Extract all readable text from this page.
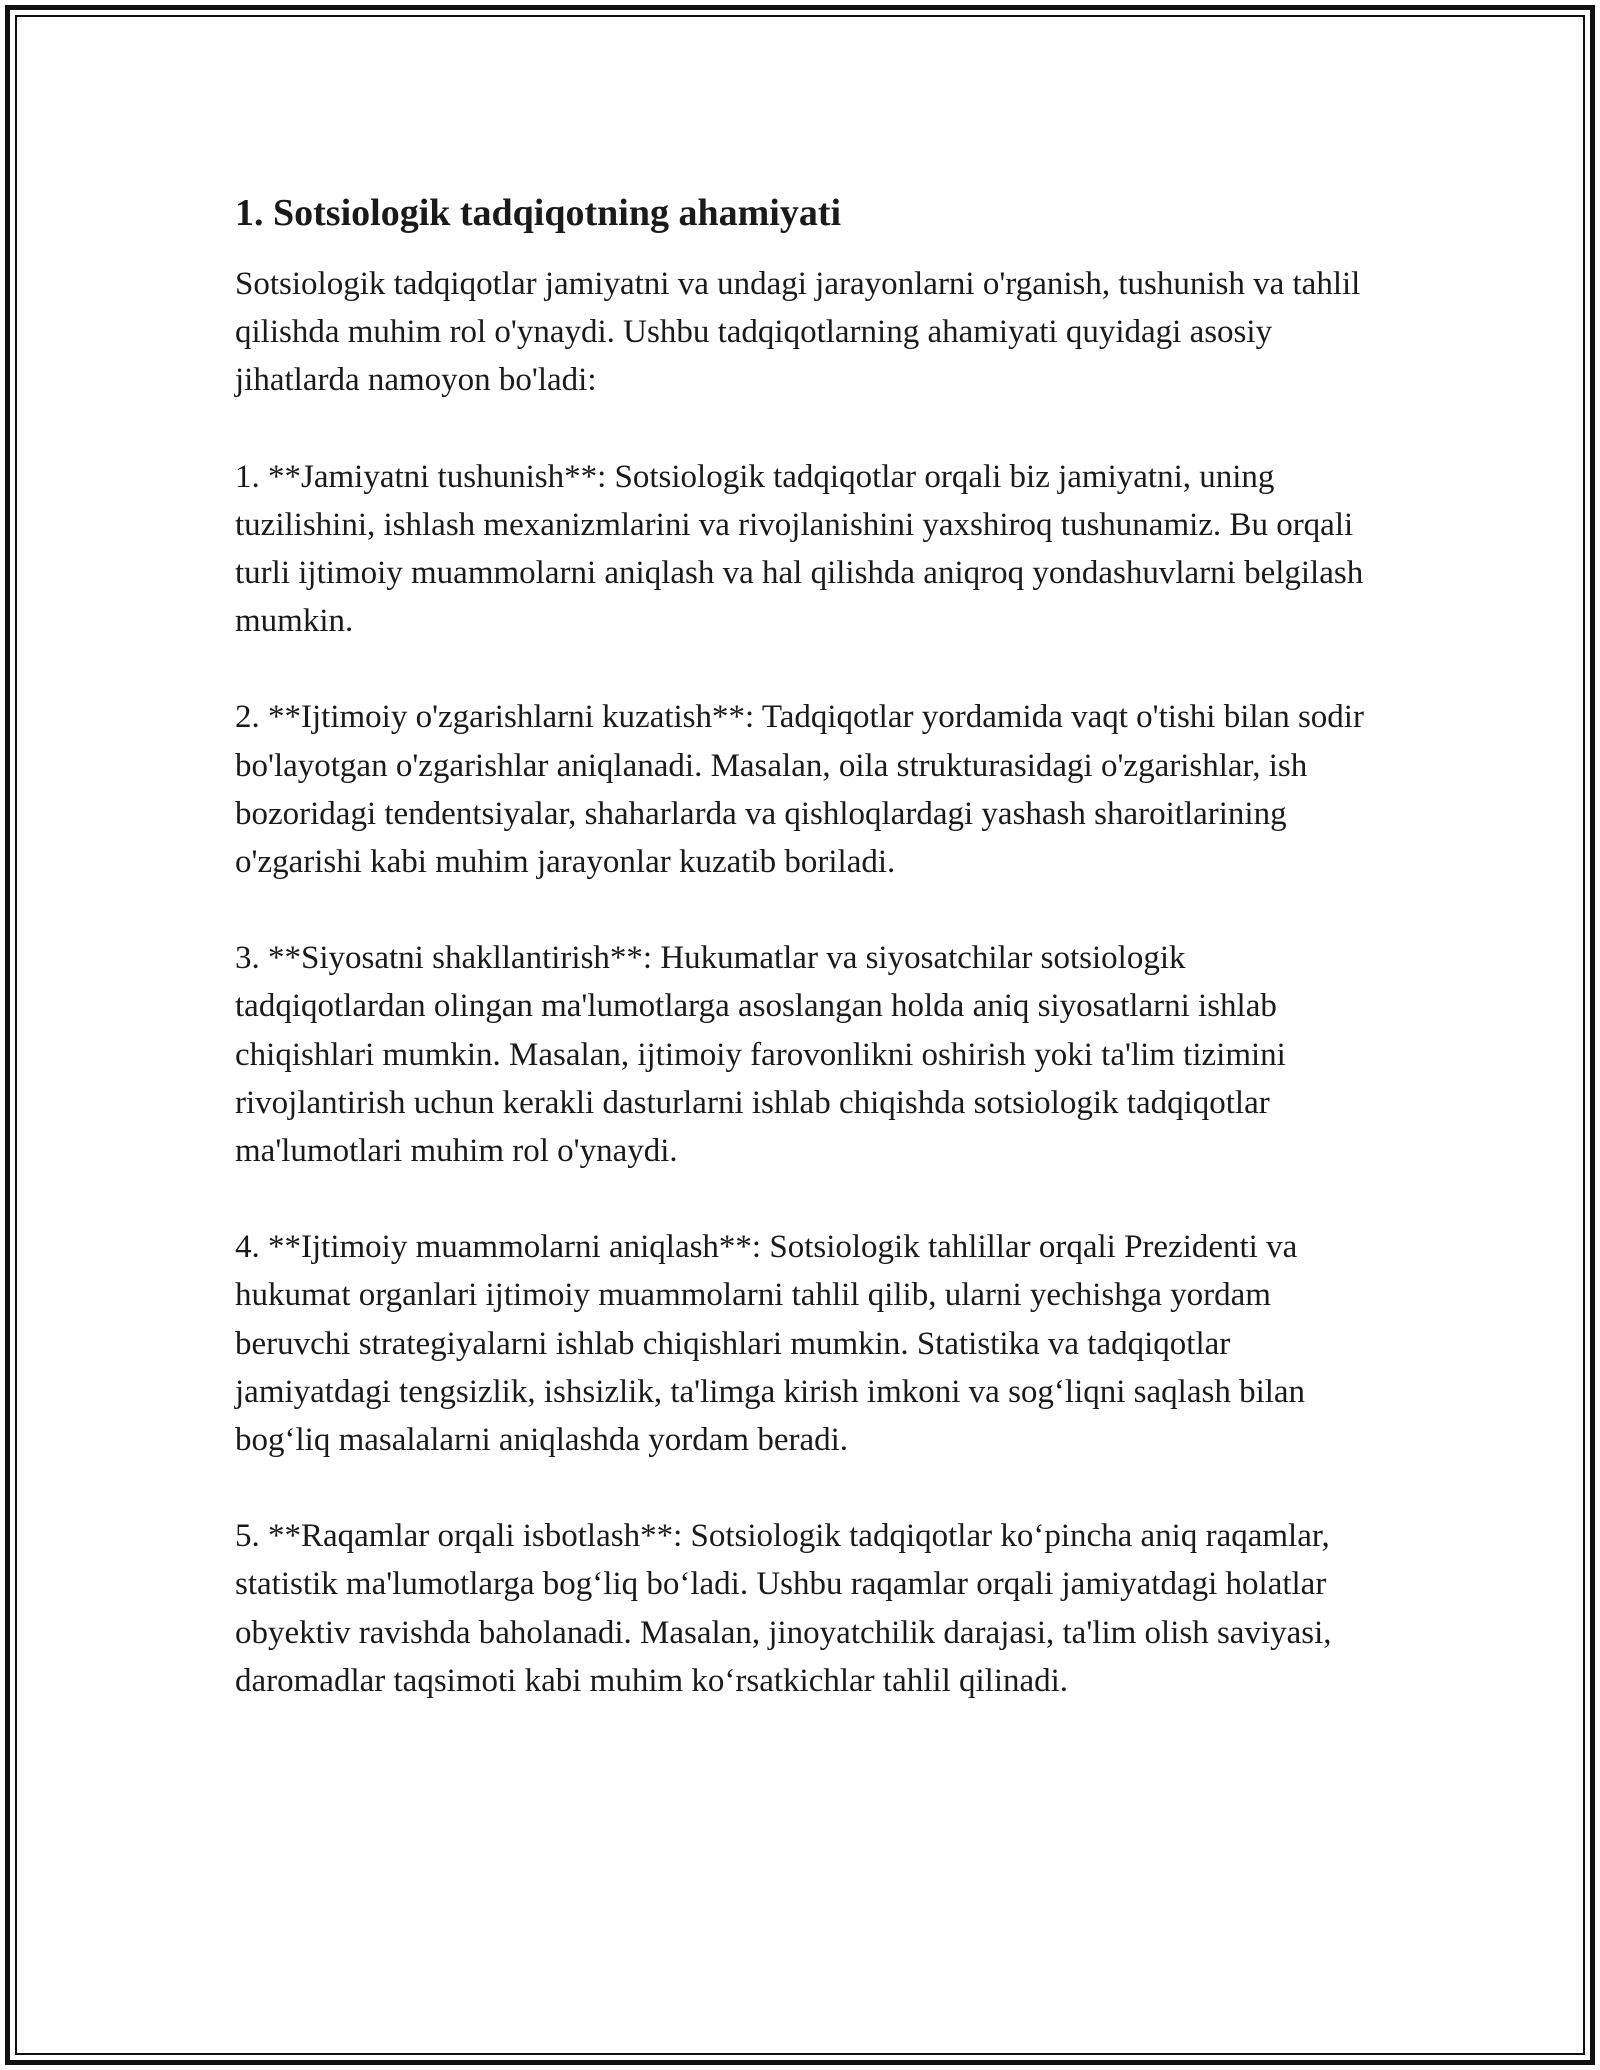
1. Sotsiologik tadqiqotning ahamiyati

Sotsiologik tadqiqotlar jamiyatni va undagi jarayonlarni o'rganish, tushunish va tahlil qilishda muhim rol o'ynaydi. Ushbu tadqiqotlarning ahamiyati quyidagi asosiy jihatlarda namoyon bo'ladi:

1. **Jamiyatni tushunish**: Sotsiologik tadqiqotlar orqali biz jamiyatni, uning tuzilishini, ishlash mexanizmlarini va rivojlanishini yaxshiroq tushunamiz. Bu orqali turli ijtimoiy muammolarni aniqlash va hal qilishda aniqroq yondashuvlarni belgilash mumkin.

2. **Ijtimoiy o'zgarishlarni kuzatish**: Tadqiqotlar yordamida vaqt o'tishi bilan sodir bo'layotgan o'zgarishlar aniqlanadi. Masalan, oila strukturasidagi o'zgarishlar, ish bozoridagi tendentsiyalar, shaharlarda va qishloqlardagi yashash sharoitlarining o'zgarishi kabi muhim jarayonlar kuzatib boriladi.

3. **Siyosatni shakllantirish**: Hukumatlar va siyosatchilar sotsiologik tadqiqotlardan olingan ma'lumotlarga asoslangan holda aniq siyosatlarni ishlab chiqishlari mumkin. Masalan, ijtimoiy farovonlikni oshirish yoki ta'lim tizimini rivojlantirish uchun kerakli dasturlarni ishlab chiqishda sotsiologik tadqiqotlar ma'lumotlari muhim rol o'ynaydi.

4. **Ijtimoiy muammolarni aniqlash**: Sotsiologik tahlillar orqali Prezidenti va hukumat organlari ijtimoiy muammolarni tahlil qilib, ularni yechishga yordam beruvchi strategiyalarni ishlab chiqishlari mumkin. Statistika va tadqiqotlar jamiyatdagi tengsizlik, ishsizlik, ta'limga kirish imkoni va sog‘liqni saqlash bilan bog‘liq masalalarni aniqlashda yordam beradi.

5. **Raqamlar orqali isbotlash**: Sotsiologik tadqiqotlar ko‘pincha aniq raqamlar, statistik ma'lumotlarga bog‘liq bo‘ladi. Ushbu raqamlar orqali jamiyatdagi holatlar obyektiv ravishda baholanadi. Masalan, jinoyatchilik darajasi, ta'lim olish saviyasi, daromadlar taqsimoti kabi muhim ko‘rsatkichlar tahlil qilinadi.
